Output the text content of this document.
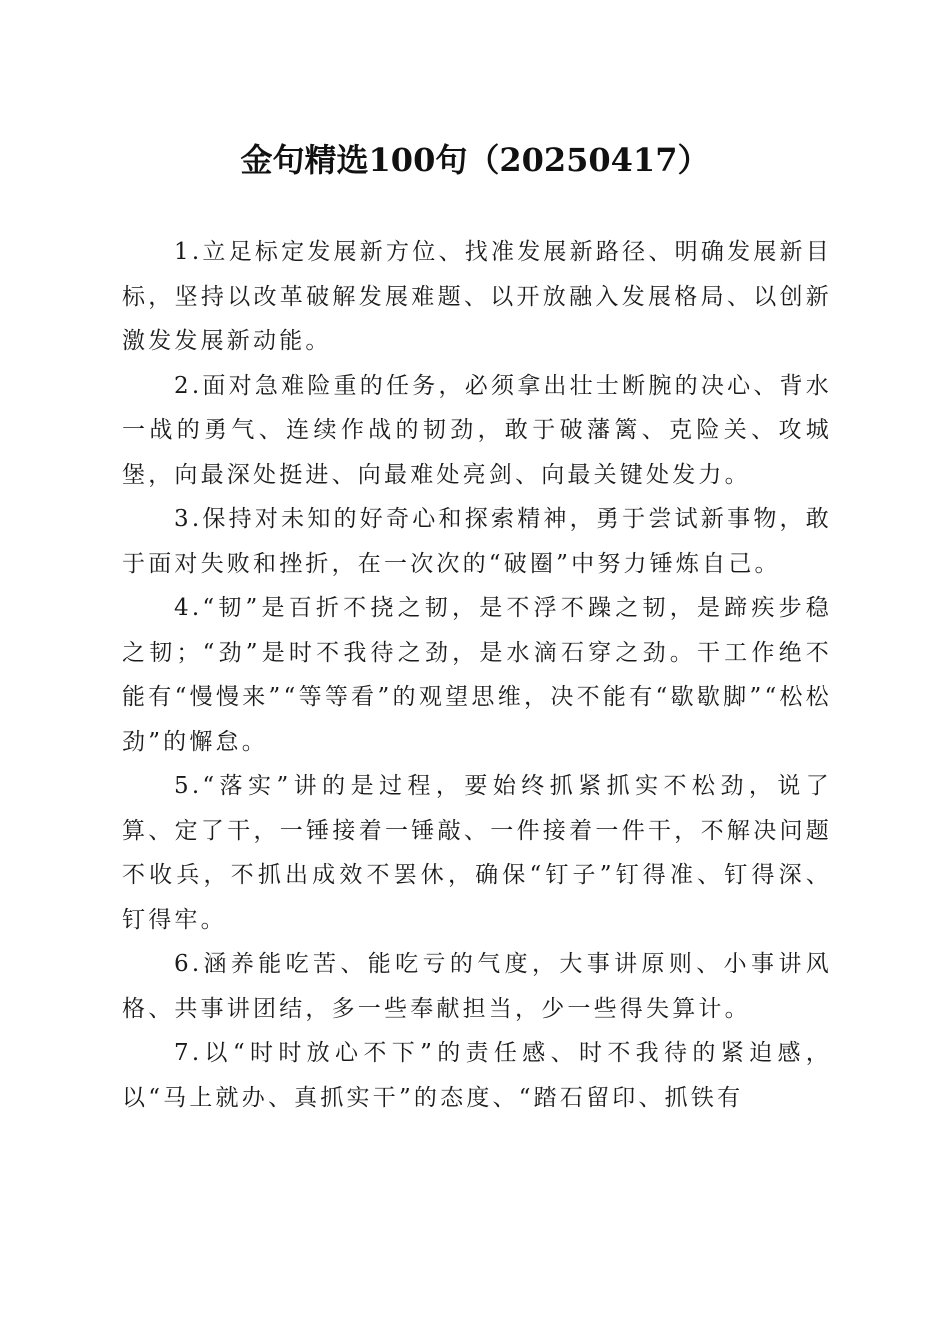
金句精选100句（20250417）

1.立足标定发展新方位、找准发展新路径、明确发展新目标，坚持以改革破解发展难题、以开放融入发展格局、以创新激发发展新动能。

2.面对急难险重的任务，必须拿出壮士断腕的决心、背水一战的勇气、连续作战的韧劲，敢于破藩篱、克险关、攻城堡，向最深处挺进、向最难处亮剑、向最关键处发力。

3.保持对未知的好奇心和探索精神，勇于尝试新事物，敢于面对失败和挫折，在一次次的“破圈”中努力锤炼自己。

4.“韧”是百折不挠之韧，是不浮不躁之韧，是蹄疾步稳之韧；“劲”是时不我待之劲，是水滴石穿之劲。干工作绝不能有“慢慢来”“等等看”的观望思维，决不能有“歇歇脚”“松松劲”的懈怠。

5.“落实”讲的是过程，要始终抓紧抓实不松劲，说了算、定了干，一锤接着一锤敲、一件接着一件干，不解决问题不收兵，不抓出成效不罢休，确保“钉子”钉得准、钉得深、钉得牢。

6.涵养能吃苦、能吃亏的气度，大事讲原则、小事讲风格、共事讲团结，多一些奉献担当，少一些得失算计。

7.以“时时放心不下”的责任感、时不我待的紧迫感，以“马上就办、真抓实干”的态度、“踏石留印、抓铁有
